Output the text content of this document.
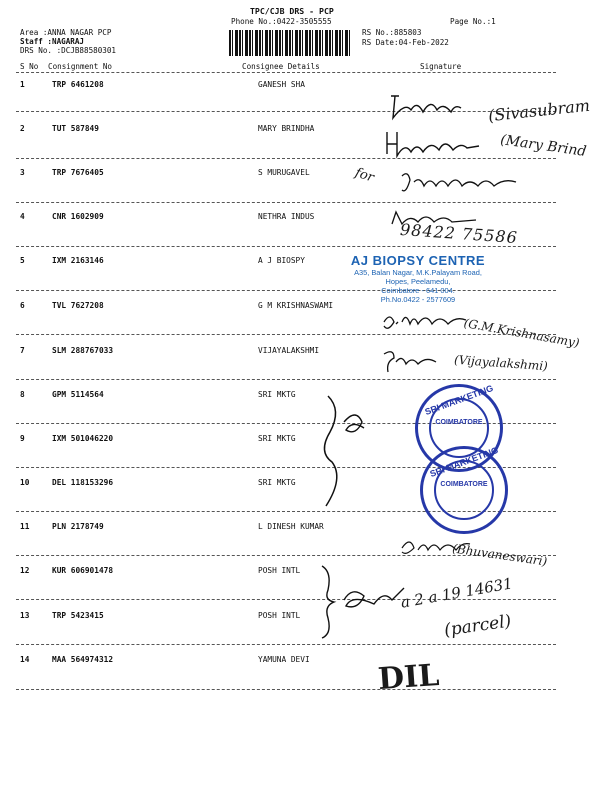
TPC/CJB DRS - PCP
Phone No.:0422-3505555	Page No.:1
Area :ANNA NAGAR PCP
Staff :NAGARAJ
DRS No. :DCJB88580301
RS No.:885803
RS Date:04-Feb-2022
S No Consignment No	Consignee Details	Signature
1	TRP 6461208	GANESH SHA
2	TUT 587849	MARY BRINDHA
3	TRP 7676405	S MURUGAVEL
4	CNR 1602909	NETHRA INDUS
5	IXM 2163146	A J BIOSPY
6	TVL 7627208	G M KRISHNASWAMI
7	SLM 288767033	VIJAYALAKSHMI
8	GPM 5114564	SRI MKTG
9	IXM 501046220	SRI MKTG
10	DEL 118153296	SRI MKTG
11	PLN 2178749	L DINESH KUMAR
12	KUR 606901478	POSH INTL
13	TRP 5423415	POSH INTL
14	MAA 564974312	YAMUNA DEVI
(Sivasubram
(Mary Brind
for
98422 75586
AJ BIOPSY CENTRE
A35, Balan Nagar, M.K.Palayam Road,
Hopes, Peelamedu,
Coimbatore - 641 004.
Ph.No.0422 - 2577609
(G.M.Krishnasamy)
(Vijayalakshmi)
SRI MARKETING
COIMBATORE
SRI MARKETING
COIMBATORE
(Bhuvaneswari)
a 2 a 19 14631
(parcel)
DIL
